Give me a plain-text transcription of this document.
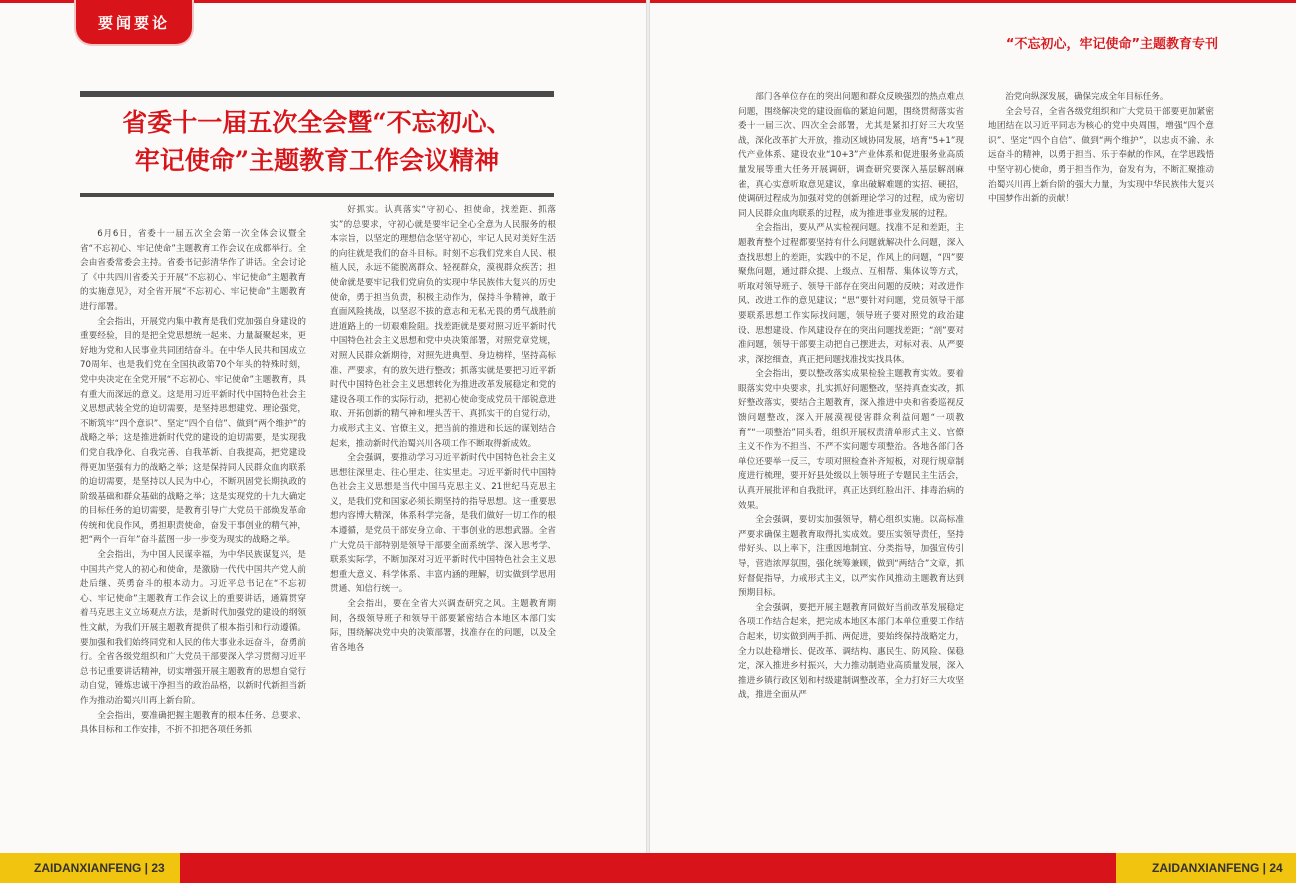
要闻要论
省委十一届五次全会暨“不忘初心、
牢记使命”主题教育工作会议精神

6月6日，省委十一届五次全会第一次全体会议暨全省“不忘初心、牢记使命”主题教育工作会议在成都举行。全会由省委常委会主持。省委书记彭清华作了讲话。全会讨论了《中共四川省委关于开展“不忘初心、牢记使命”主题教育的实施意见》，对全省开展“不忘初心、牢记使命”主题教育进行部署。

全会指出，开展党内集中教育是我们党加强自身建设的重要经验，目的是把全党思想统一起来、力量凝聚起来，更好地为党和人民事业共同团结奋斗。在中华人民共和国成立70周年、也是我们党在全国执政第70个年头的特殊时刻，党中央决定在全党开展“不忘初心、牢记使命”主题教育，具有重大而深远的意义。这是用习近平新时代中国特色社会主义思想武装全党的迫切需要，是坚持思想建党、理论强党，不断筑牢“四个意识”、坚定“四个自信”、做到“两个维护”的战略之举；这是推进新时代党的建设的迫切需要，是实现我们党自我净化、自我完善、自我革新、自我提高，把党建设得更加坚强有力的战略之举；这是保持同人民群众血肉联系的迫切需要，是坚持以人民为中心，不断巩固党长期执政的阶级基础和群众基础的战略之举；这是实现党的十九大确定的目标任务的迫切需要，是教育引导广大党员干部焕发革命传统和优良作风，勇担职责使命，奋发干事创业的精气神，把“两个一百年”奋斗蓝图一步一步变为现实的战略之举。

全会指出，为中国人民谋幸福，为中华民族谋复兴，是中国共产党人的初心和使命，是激励一代代中国共产党人前赴后继、英勇奋斗的根本动力。习近平总书记在“不忘初心、牢记使命”主题教育工作会议上的重要讲话，通篇贯穿着马克思主义立场观点方法，是新时代加强党的建设的纲领性文献，为我们开展主题教育提供了根本指引和行动遵循。要加强和我们始终同党和人民的伟大事业永远奋斗，奋勇前行。全省各级党组织和广大党员干部要深入学习贯彻习近平总书记重要讲话精神，切实增强开展主题教育的思想自觉行动自觉，锤炼忠诚干净担当的政治品格，以新时代新担当新作为推动治蜀兴川再上新台阶。

全会指出，要准确把握主题教育的根本任务、总要求、具体目标和工作安排，不折不扣把各项任务抓

好抓实。认真落实“守初心、担使命，找差距、抓落实”的总要求，守初心就是要牢记全心全意为人民服务的根本宗旨，以坚定的理想信念坚守初心，牢记人民对美好生活的向往就是我们的奋斗目标。时刻不忘我们党来自人民、根植人民，永远不能脱离群众、轻视群众，漠视群众疾苦；担使命就是要牢记我们党肩负的实现中华民族伟大复兴的历史使命，勇于担当负责，积极主动作为，保持斗争精神，敢于直面风险挑战，以坚忍不拔的意志和无私无畏的勇气战胜前进道路上的一切艰难险阻。找差距就是要对照习近平新时代中国特色社会主义思想和党中央决策部署，对照党章党规，对照人民群众新期待，对照先进典型、身边榜样，坚持高标准、严要求，有的放矢进行整改；抓落实就是要把习近平新时代中国特色社会主义思想转化为推进改革发展稳定和党的建设各项工作的实际行动，把初心使命变成党员干部锐意进取、开拓创新的精气神和埋头苦干、真抓实干的自觉行动，力戒形式主义、官僚主义，把当前的推进和长远的谋划结合起来，推动新时代治蜀兴川各项工作不断取得新成效。

全会强调，要推动学习习近平新时代中国特色社会主义思想往深里走、往心里走、往实里走。习近平新时代中国特色社会主义思想是当代中国马克思主义、21世纪马克思主义，是我们党和国家必须长期坚持的指导思想。这一重要思想内容博大精深，体系科学完备，是我们做好一切工作的根本遵循，是党员干部安身立命、干事创业的思想武器。全省广大党员干部特别是领导干部要全面系统学、深入思考学、联系实际学，不断加深对习近平新时代中国特色社会主义思想重大意义、科学体系、丰富内涵的理解，切实做到学思用贯通、知信行统一。

全会指出，要在全省大兴调查研究之风。主题教育期间，各级领导班子和领导干部要紧密结合本地区本部门实际，围绕解决党中央的决策部署，找准存在的问题，以及全省各地各

“不忘初心，牢记使命”主题教育专刊

部门各单位存在的突出问题和群众反映强烈的热点难点问题，围绕解决党的建设面临的紧迫问题，围绕贯彻落实省委十一届三次、四次全会部署，尤其是紧扣打好三大攻坚战，深化改革扩大开放，推动区域协同发展，培育“5+1”现代产业体系、建设农业“10+3”产业体系和促进服务业高质量发展等重大任务开展调研，调查研究要深入基层解剖麻雀，真心实意听取意见建议，拿出破解难题的实招、硬招，使调研过程成为加强对党的创新理论学习的过程，成为密切同人民群众血肉联系的过程，成为推进事业发展的过程。

全会指出，要从严从实检视问题。找准不足和差距，主题教育整个过程都要坚持有什么问题就解决什么问题，深入查找思想上的差距，实践中的不足，作风上的问题，“四”要聚焦问题，通过群众提、上级点、互相帮、集体议等方式，听取对领导班子、领导干部存在突出问题的反映；对改进作风、改进工作的意见建议；“思”要针对问题，党员领导干部要联系思想工作实际找问题，领导班子要对照党的政治建设、思想建设、作风建设存在的突出问题找差距；“剖”要对准问题，领导干部要主动把自己摆进去，对标对表、从严要求，深挖细查，真正把问题找准找实找具体。

全会指出，要以整改落实成果检验主题教育实效。要着眼落实党中央要求，扎实抓好问题整改，坚持真查实改，抓好整改落实，要结合主题教育，深入推进中央和省委巡视反馈问题整改，深入开展漠视侵害群众利益问题“一项教育”“一项整治”同头看，组织开展权责清单形式主义、官僚主义不作为不担当、不严不实问题专项整治。各地各部门各单位还要举一反三，专项对照检查补齐短板，对现行规章制度进行梳理，要开好县处级以上领导班子专题民主生活会，认真开展批评和自我批评，真正达到红脸出汗、排毒治病的效果。

全会强调，要切实加强领导，精心组织实施。以高标准严要求确保主题教育取得扎实成效。要压实领导责任，坚持带好头、以上率下，注重因地制宜、分类指导，加强宣传引导，营造浓厚氛围，强化统筹兼顾，做到“两结合”文章，抓好督促指导，力戒形式主义，以严实作风推动主题教育达到预期目标。

全会强调，要把开展主题教育同做好当前改革发展稳定各项工作结合起来，把完成本地区本部门本单位重要工作结合起来，切实做到两手抓、两促进，要始终保持战略定力，全力以赴稳增长、促改革、调结构、惠民生、防风险、保稳定，深入推进乡村振兴，大力推动制造业高质量发展，深入推进乡镇行政区划和村级建制调整改革，全力打好三大攻坚战，推进全面从严

治党向纵深发展，确保完成全年目标任务。

全会号召，全省各级党组织和广大党员干部要更加紧密地团结在以习近平同志为核心的党中央周围，增强“四个意识”、坚定“四个自信”、做到“两个维护”，以忠贞不渝、永远奋斗的精神，以勇于担当、乐于奉献的作风，在学思践悟中坚守初心使命，勇于担当作为，奋发有为，不断汇聚推动治蜀兴川再上新台阶的强大力量，为实现中华民族伟大复兴中国梦作出新的贡献！

ZAIDANXIANFENG | 23	ZAIDANXIANFENG | 24
